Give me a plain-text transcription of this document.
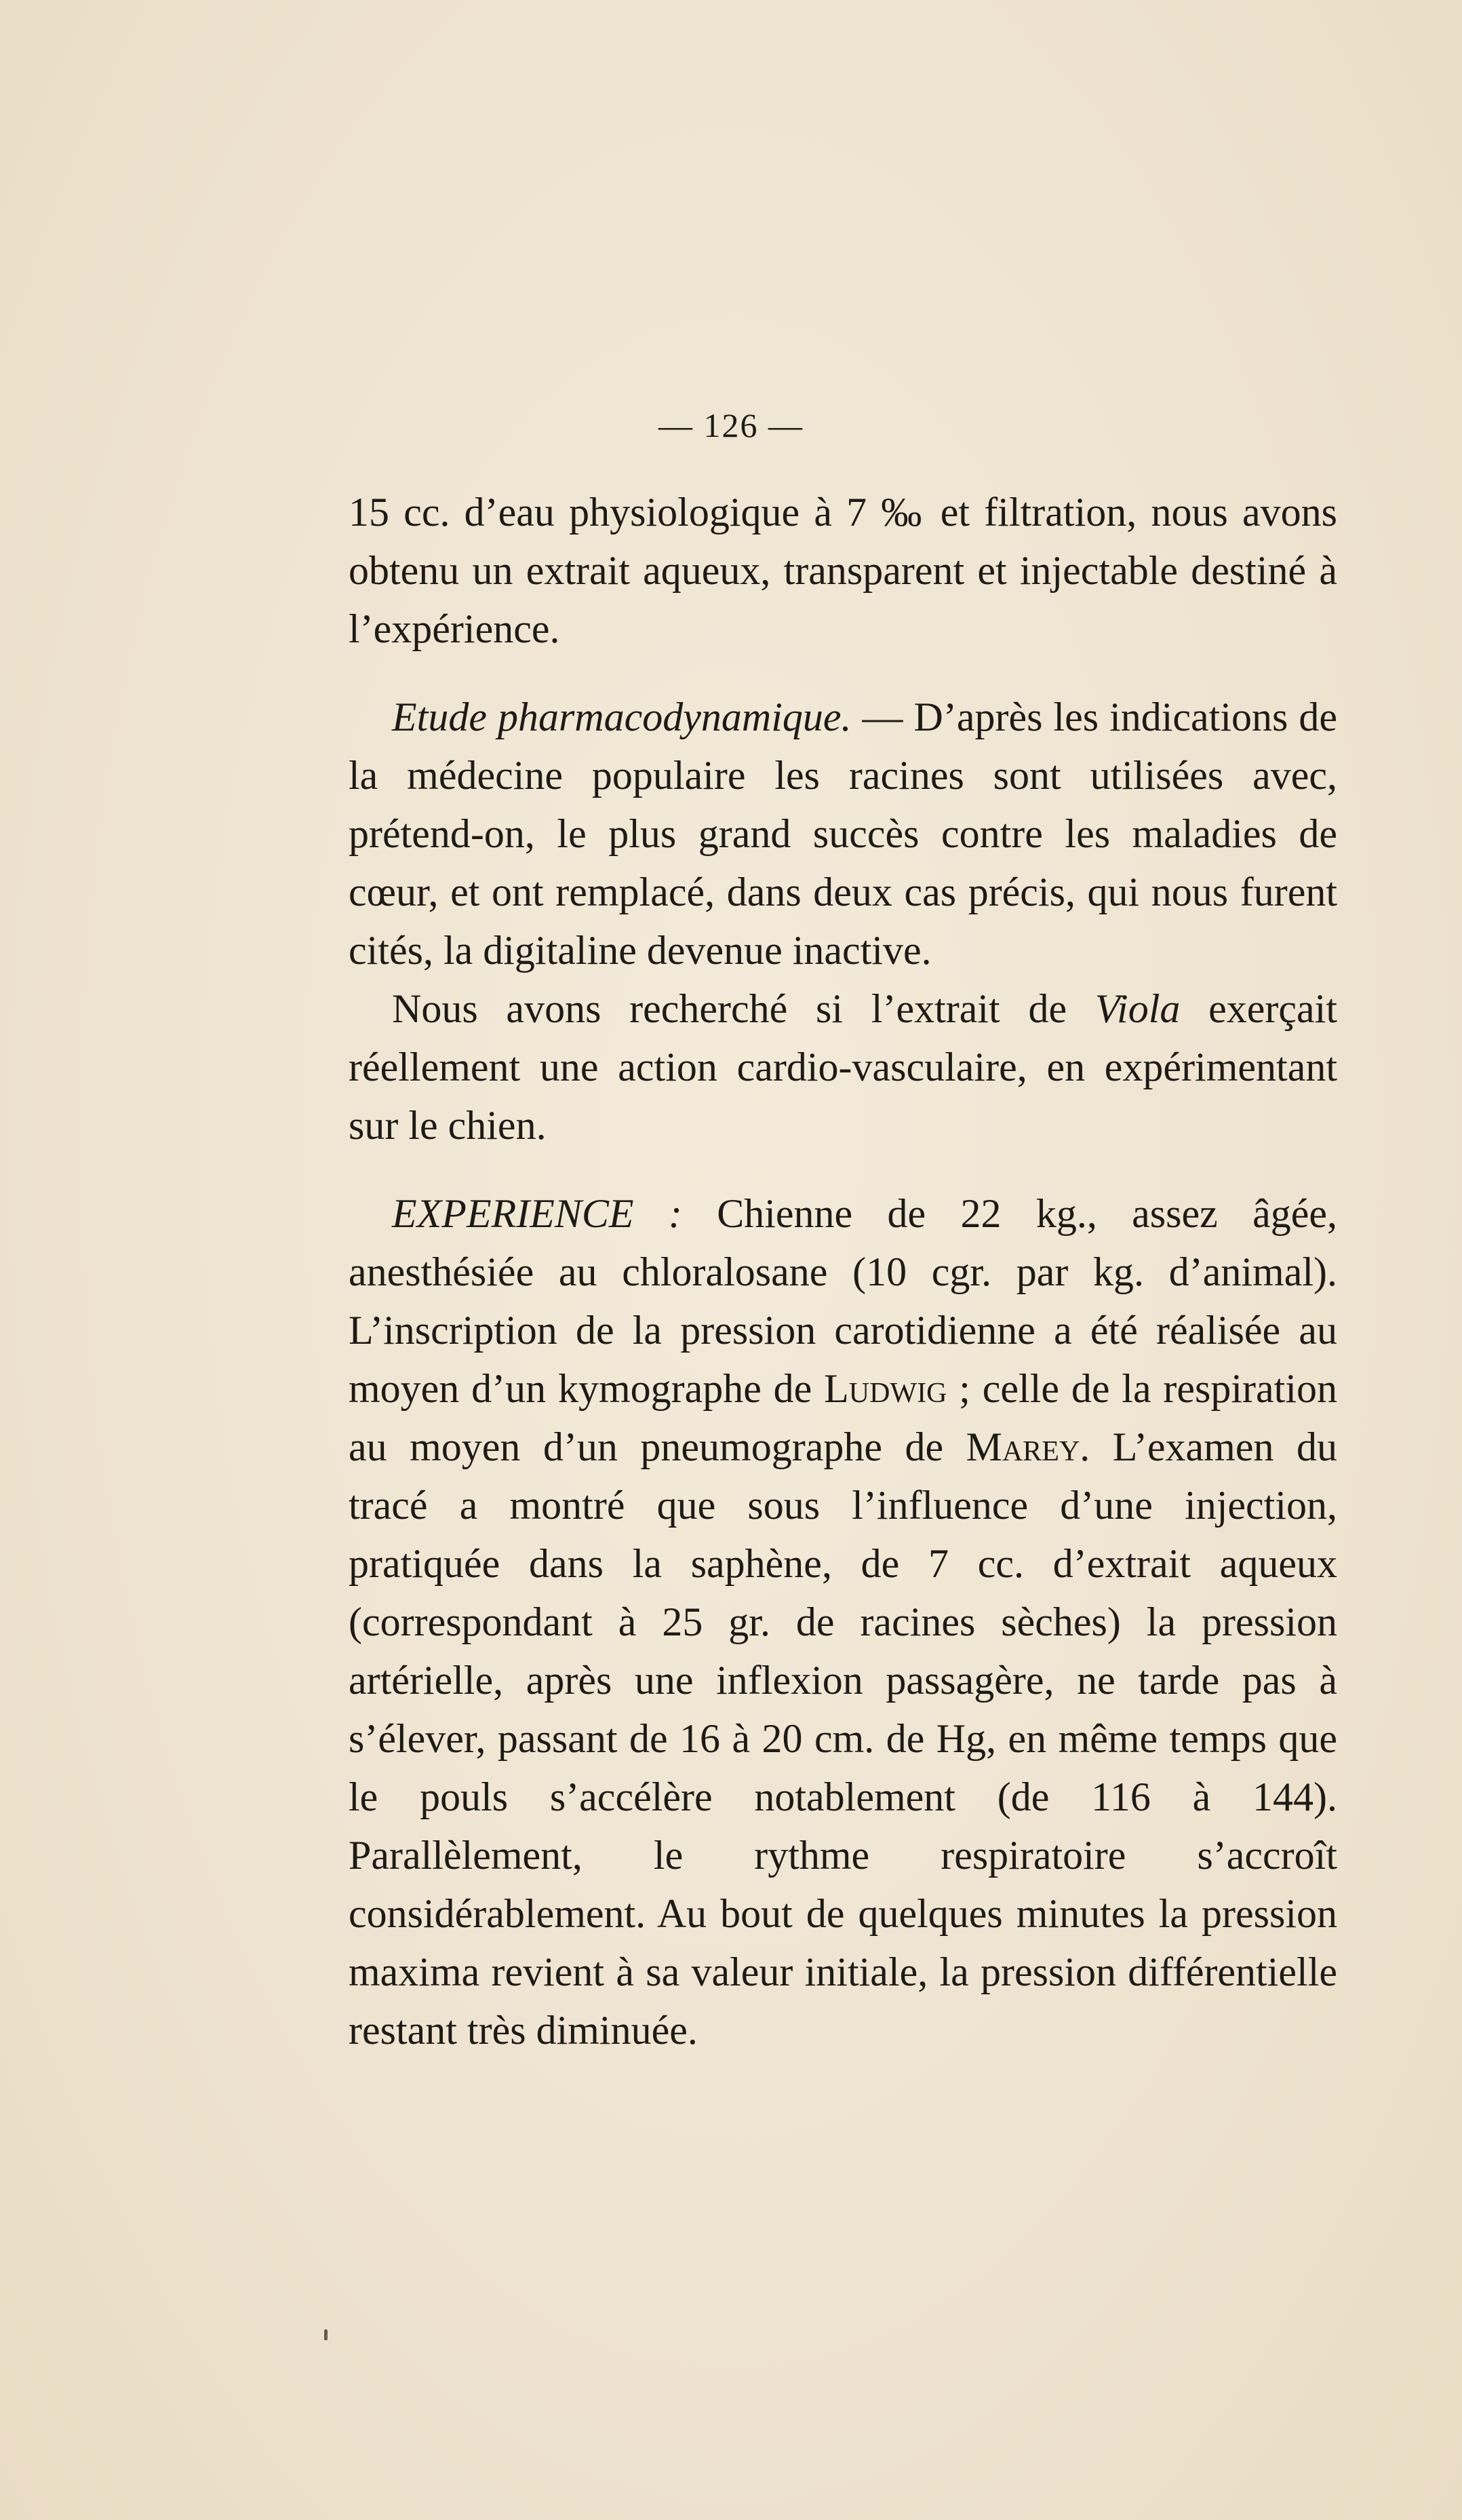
— 126 —

15 cc. d’eau physiologique à 7 ‰ et filtration, nous avons obtenu un extrait aqueux, transparent et injectable destiné à l’expérience.

Etude pharmacodynamique. — D’après les indications de la médecine populaire les racines sont utilisées avec, prétend-on, le plus grand succès contre les maladies de cœur, et ont remplacé, dans deux cas précis, qui nous furent cités, la digitaline devenue inactive.

Nous avons recherché si l’extrait de Viola exerçait réellement une action cardio-vasculaire, en expérimentant sur le chien.

EXPERIENCE : Chienne de 22 kg., assez âgée, anesthésiée au chloralosane (10 cgr. par kg. d’animal). L’inscription de la pression carotidienne a été réalisée au moyen d’un kymographe de Ludwig ; celle de la respiration au moyen d’un pneumographe de Marey. L’examen du tracé a montré que sous l’influence d’une injection, pratiquée dans la saphène, de 7 cc. d’extrait aqueux (correspondant à 25 gr. de racines sèches) la pression artérielle, après une inflexion passagère, ne tarde pas à s’élever, passant de 16 à 20 cm. de Hg, en même temps que le pouls s’accélère notablement (de 116 à 144). Parallèlement, le rythme respiratoire s’accroît considérablement. Au bout de quelques minutes la pression maxima revient à sa valeur initiale, la pression différentielle restant très diminuée.
